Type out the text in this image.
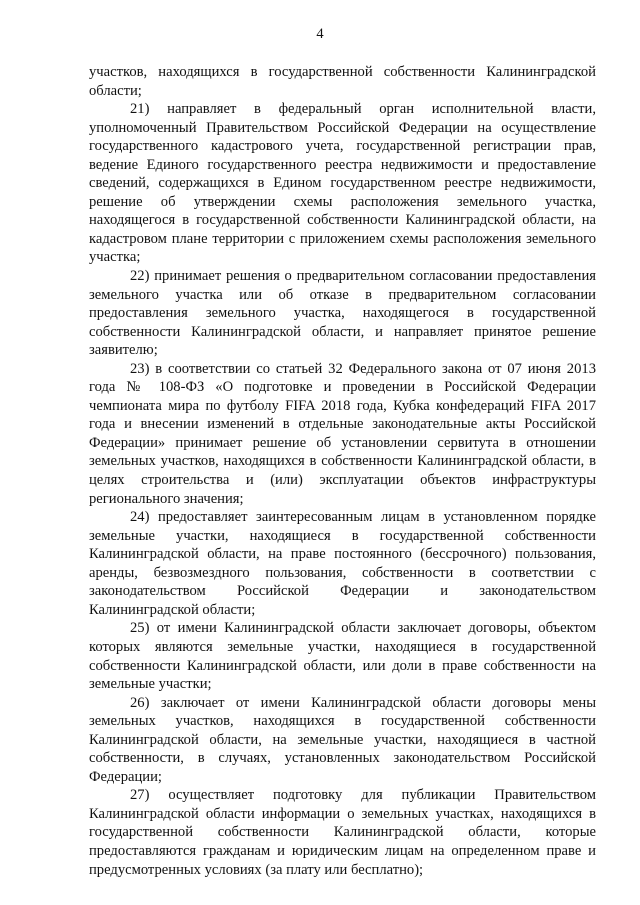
4

участков, находящихся в государственной собственности Калининградской области;

21) направляет в федеральный орган исполнительной власти, уполномоченный Правительством Российской Федерации на осуществление государственного кадастрового учета, государственной регистрации прав, ведение Единого государственного реестра недвижимости и предоставление сведений, содержащихся в Едином государственном реестре недвижимости, решение об утверждении схемы расположения земельного участка, находящегося в государственной собственности Калининградской области, на кадастровом плане территории с приложением схемы расположения земельного участка;

22) принимает решения о предварительном согласовании предоставления земельного участка или об отказе в предварительном согласовании предоставления земельного участка, находящегося в государственной собственности Калининградской области, и направляет принятое решение заявителю;

23) в соответствии со статьей 32 Федерального закона от 07 июня 2013 года № 108-ФЗ «О подготовке и проведении в Российской Федерации чемпионата мира по футболу FIFA 2018 года, Кубка конфедераций FIFA 2017 года и внесении изменений в отдельные законодательные акты Российской Федерации» принимает решение об установлении сервитута в отношении земельных участков, находящихся в собственности Калининградской области, в целях строительства и (или) эксплуатации объектов инфраструктуры регионального значения;

24) предоставляет заинтересованным лицам в установленном порядке земельные участки, находящиеся в государственной собственности Калининградской области, на праве постоянного (бессрочного) пользования, аренды, безвозмездного пользования, собственности в соответствии с законодательством Российской Федерации и законодательством Калининградской области;

25) от имени Калининградской области заключает договоры, объектом которых являются земельные участки, находящиеся в государственной собственности Калининградской области, или доли в праве собственности на земельные участки;

26) заключает от имени Калининградской области договоры мены земельных участков, находящихся в государственной собственности Калининградской области, на земельные участки, находящиеся в частной собственности, в случаях, установленных законодательством Российской Федерации;

27) осуществляет подготовку для публикации Правительством Калининградской области информации о земельных участках, находящихся в государственной собственности Калининградской области, которые предоставляются гражданам и юридическим лицам на определенном праве и предусмотренных условиях (за плату или бесплатно);
